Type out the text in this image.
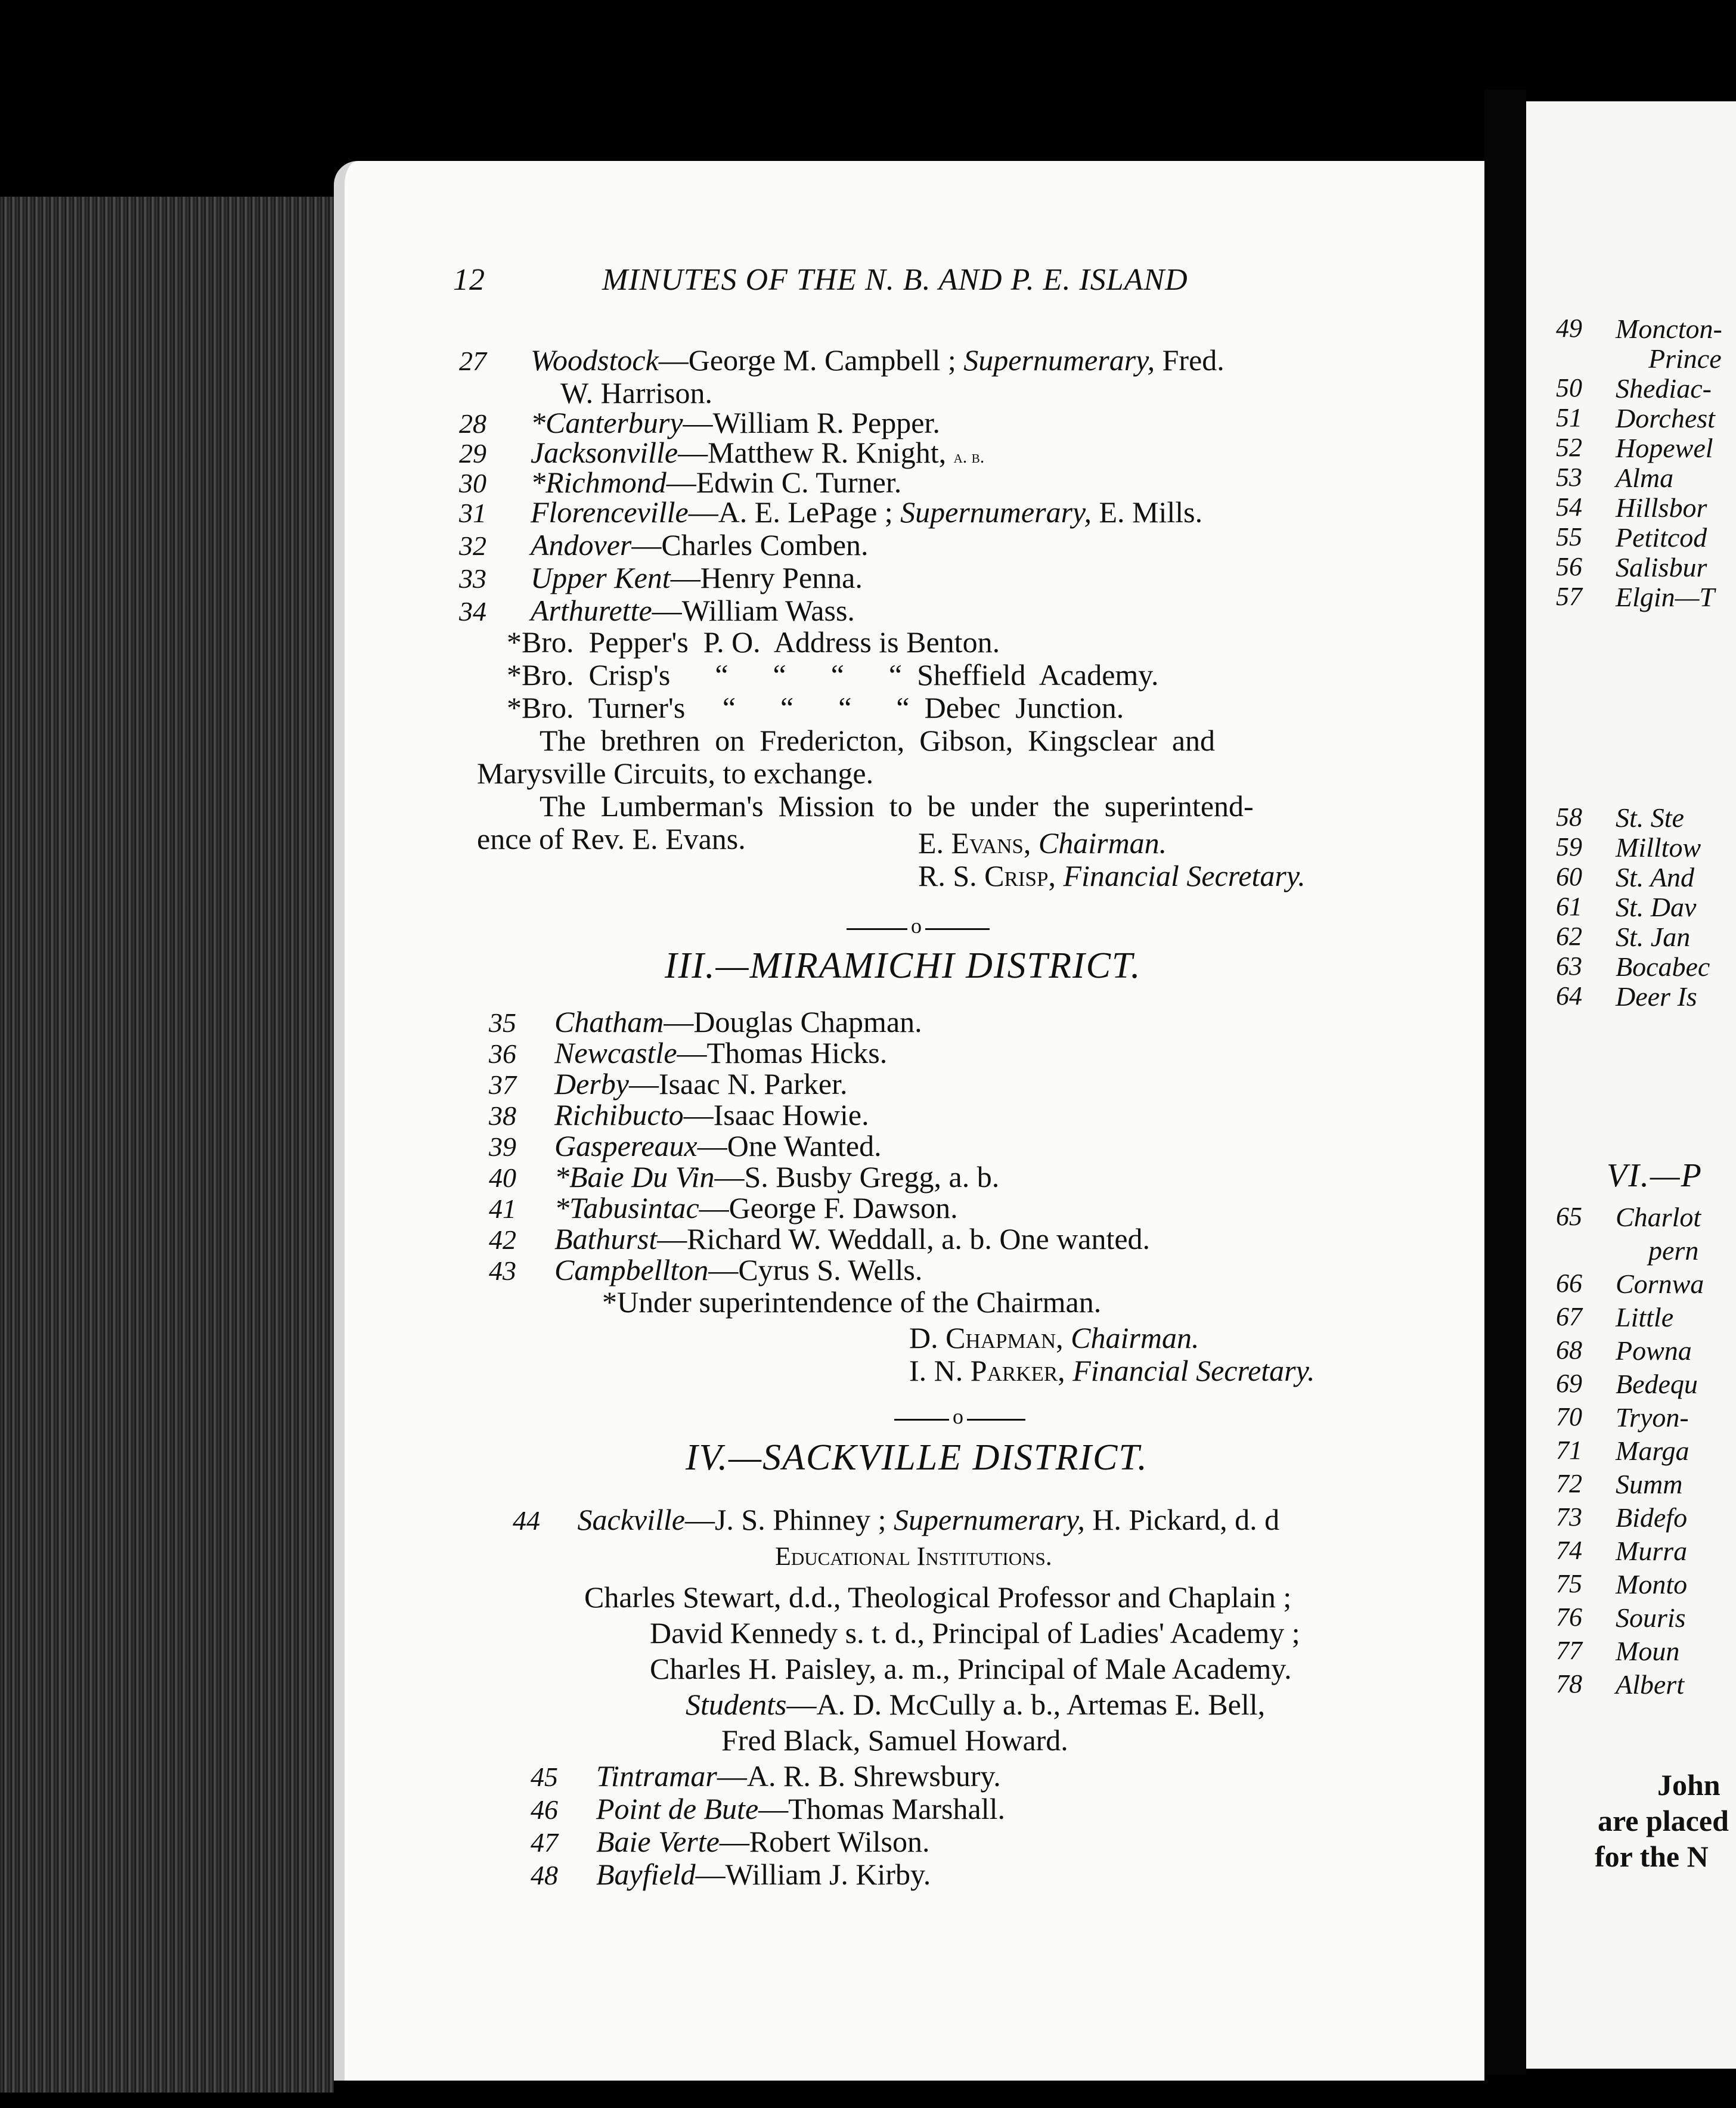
12	MINUTES OF THE N. B. AND P. E. ISLAND
27 Woodstock—George M. Campbell ; Supernumerary, Fred.
W. Harrison.
28 *Canterbury—William R. Pepper.
29 Jacksonville—Matthew R. Knight, a. b.
30 *Richmond—Edwin C. Turner.
31 Florenceville—A. E. LePage ; Supernumerary, E. Mills.
32 Andover—Charles Comben.
33 Upper Kent—Henry Penna.
34 Arthurette—William Wass.
*Bro.  Pepper's  P. O.  Address is Benton.
*Bro.  Crisp's      “      “      “      “  Sheffield  Academy.
*Bro.  Turner's     “      “      “      “  Debec  Junction.
The  brethren  on  Fredericton,  Gibson,  Kingsclear  and
Marysville Circuits, to exchange.
The  Lumberman's  Mission  to  be  under  the  superintend-
ence of Rev. E. Evans.	E. Evans, Chairman.
R. S. Crisp, Financial Secretary.
o
III.—MIRAMICHI DISTRICT.
35 Chatham—Douglas Chapman.
36 Newcastle—Thomas Hicks.
37 Derby—Isaac N. Parker.
38 Richibucto—Isaac Howie.
39 Gaspereaux—One Wanted.
40 *Baie Du Vin—S. Busby Gregg, a. b.
41 *Tabusintac—George F. Dawson.
42 Bathurst—Richard W. Weddall, a. b. One wanted.
43 Campbellton—Cyrus S. Wells.
*Under superintendence of the Chairman.
D. Chapman, Chairman.
I. N. Parker, Financial Secretary.
o
IV.—SACKVILLE DISTRICT.
44 Sackville—J. S. Phinney ; Supernumerary, H. Pickard, d. d
Educational Institutions.
Charles Stewart, d.d., Theological Professor and Chaplain ;
David Kennedy s. t. d., Principal of Ladies' Academy ;
Charles H. Paisley, a. m., Principal of Male Academy.
Students—A. D. McCully a. b., Artemas E. Bell,
Fred Black, Samuel Howard.
45 Tintramar—A. R. B. Shrewsbury.
46 Point de Bute—Thomas Marshall.
47 Baie Verte—Robert Wilson.
48 Bayfield—William J. Kirby.
49 Moncton-
Prince
50 Shediac-
51 Dorchest
52 Hopewel
53 Alma
54 Hillsbor
55 Petitcod
56 Salisbur
57 Elgin—T
58 St. Ste
59 Milltow
60 St. And
61 St. Dav
62 St. Jan
63 Bocabec
64 Deer Is
VI.—P
65 Charlot
pern
66 Cornwa
67 Little
68 Powna
69 Bedequ
70 Tryon-
71 Marga
72 Summ
73 Bidefo
74 Murra
75 Monto
76 Souris
77 Moun
78 Albert
John
are placed
for the N
